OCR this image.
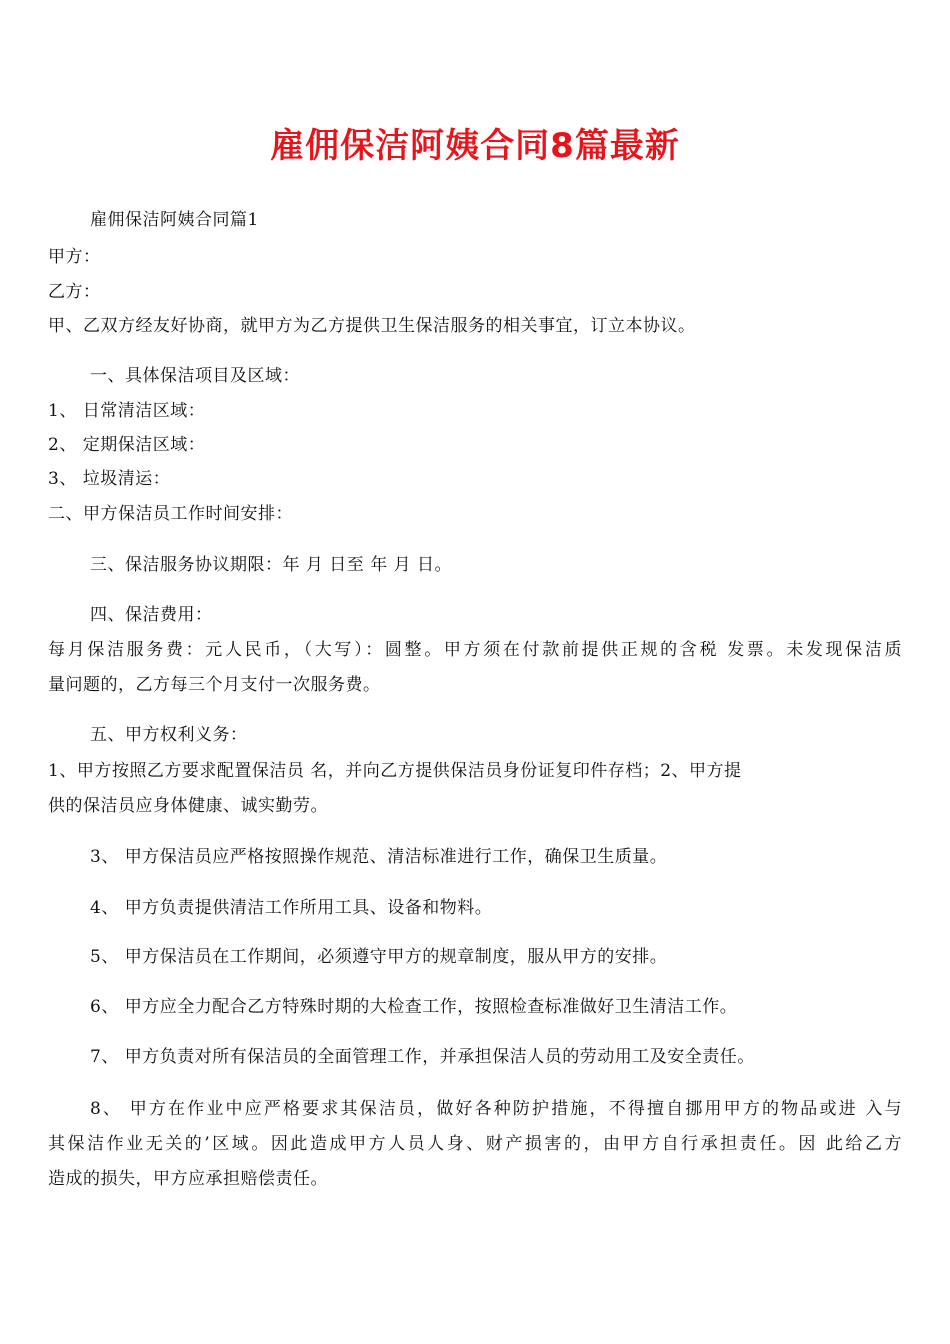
雇佣保洁阿姨合同8篇最新
雇佣保洁阿姨合同篇1
甲方：
乙方：
甲、乙双方经友好协商，就甲方为乙方提供卫生保洁服务的相关事宜，订立本协议。
一、具体保洁项目及区域：
1、 日常清洁区域：
2、 定期保洁区域：
3、 垃圾清运：
二、甲方保洁员工作时间安排：
三、保洁服务协议期限：年 月 日至 年 月 日。
四、保洁费用：
每月保洁服务费：元人民币，（大写）：圆整。甲方须在付款前提供正规的含税 发票。未发现保洁质
量问题的，乙方每三个月支付一次服务费。
五、甲方权利义务：
1、甲方按照乙方要求配置保洁员 名，并向乙方提供保洁员身份证复印件存档；2、甲方提
供的保洁员应身体健康、诚实勤劳。
3、 甲方保洁员应严格按照操作规范、清洁标准进行工作，确保卫生质量。
4、 甲方负责提供清洁工作所用工具、设备和物料。
5、 甲方保洁员在工作期间，必须遵守甲方的规章制度，服从甲方的安排。
6、 甲方应全力配合乙方特殊时期的大检查工作，按照检查标准做好卫生清洁工作。
7、 甲方负责对所有保洁员的全面管理工作，并承担保洁人员的劳动用工及安全责任。
8、 甲方在作业中应严格要求其保洁员，做好各种防护措施，不得擅自挪用甲方的物品或进 入与
其保洁作业无关的’区域。因此造成甲方人员人身、财产损害的，由甲方自行承担责任。因 此给乙方
造成的损失，甲方应承担赔偿责任。
